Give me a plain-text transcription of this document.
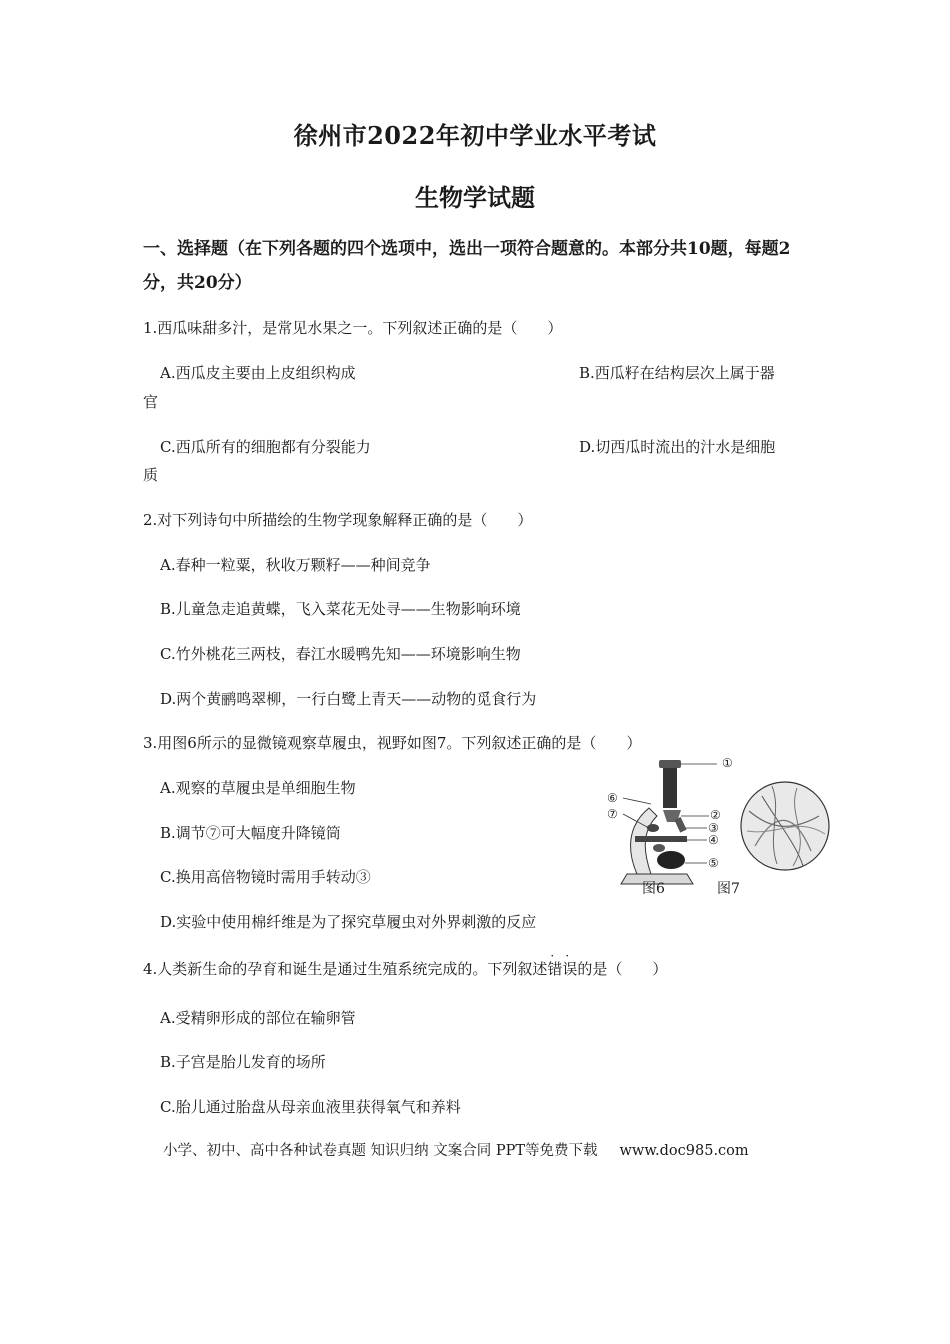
徐州市2022年初中学业水平考试
生物学试题
一、选择题（在下列各题的四个选项中，选出一项符合题意的。本部分共10题，每题2分，共20分）
1.西瓜味甜多汁，是常见水果之一。下列叙述正确的是（　　）
A.西瓜皮主要由上皮组织构成	B.西瓜籽在结构层次上属于器
官
C.西瓜所有的细胞都有分裂能力	D.切西瓜时流出的汁水是细胞
质
2.对下列诗句中所描绘的生物学现象解释正确的是（　　）
A.春种一粒粟，秋收万颗籽——种间竞争
B.儿童急走追黄蝶，飞入菜花无处寻——生物影响环境
C.竹外桃花三两枝，春江水暖鸭先知——环境影响生物
D.两个黄鹂鸣翠柳，一行白鹭上青天——动物的觅食行为
3.用图6所示的显微镜观察草履虫，视野如图7。下列叙述正确的是（　　）
A.观察的草履虫是单细胞生物
B.调节⑦可大幅度升降镜筒
C.换用高倍物镜时需用手转动③
D.实验中使用棉纤维是为了探究草履虫对外界刺激的反应
①
②
③
④
⑤
⑥
⑦
图6	图7
4.人类新生命的孕育和诞生是通过生殖系统完成的。下列叙述
· ·
错误的是（　　）
A.受精卵形成的部位在输卵管
B.子宫是胎儿发育的场所
C.胎儿通过胎盘从母亲血液里获得氧气和养料
小学、初中、高中各种试卷真题 知识归纳 文案合同 PPT等免费下载 www.doc985.com
